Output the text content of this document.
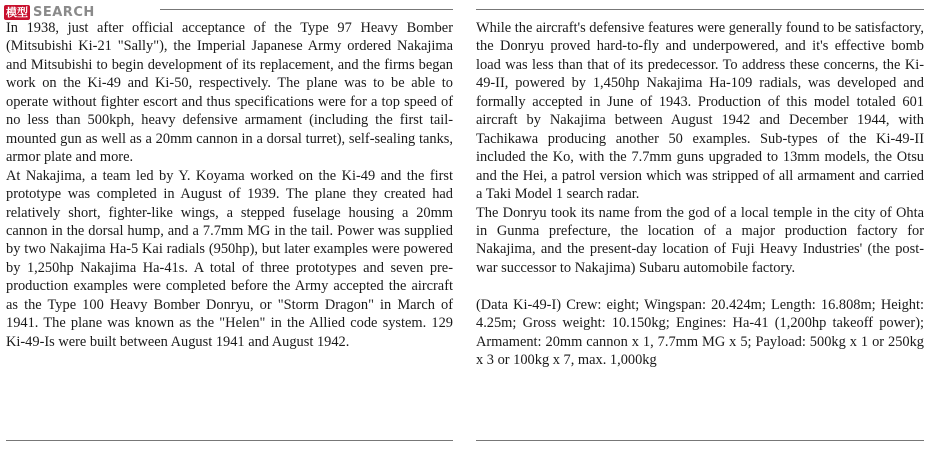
模型 SEARCH

In 1938, just after official acceptance of the Type 97 Heavy Bomber (Mitsubishi Ki-21 "Sally"), the Imperial Japanese Army ordered Nakajima and Mitsubishi to begin development of its replacement, and the firms began work on the Ki-49 and Ki-50, respectively. The plane was to be able to operate without fighter escort and thus specifications were for a top speed of no less than 500kph, heavy defensive armament (including the first tail-mounted gun as well as a 20mm cannon in a dorsal turret), self-sealing tanks, armor plate and more.

At Nakajima, a team led by Y. Koyama worked on the Ki-49 and the first prototype was completed in August of 1939. The plane they created had relatively short, fighter-like wings, a stepped fuselage housing a 20mm cannon in the dorsal hump, and a 7.7mm MG in the tail. Power was supplied by two Nakajima Ha-5 Kai radials (950hp), but later examples were powered by 1,250hp Nakajima Ha-41s. A total of three prototypes and seven pre-production examples were completed before the Army accepted the aircraft as the Type 100 Heavy Bomber Donryu, or "Storm Dragon" in March of 1941. The plane was known as the "Helen" in the Allied code system. 129 Ki-49-Is were built between August 1941 and August 1942.

While the aircraft's defensive features were generally found to be satisfactory, the Donryu proved hard-to-fly and underpowered, and it's effective bomb load was less than that of its predecessor. To address these concerns, the Ki-49-II, powered by 1,450hp Nakajima Ha-109 radials, was developed and formally accepted in June of 1943. Production of this model totaled 601 aircraft by Nakajima between August 1942 and December 1944, with Tachikawa producing another 50 examples. Sub-types of the Ki-49-II included the Ko, with the 7.7mm guns upgraded to 13mm models, the Otsu and the Hei, a patrol version which was stripped of all armament and carried a Taki Model 1 search radar.

The Donryu took its name from the god of a local temple in the city of Ohta in Gunma prefecture, the location of a major production factory for Nakajima, and the present-day location of Fuji Heavy Industries' (the post-war successor to Nakajima) Subaru automobile factory.

(Data Ki-49-I) Crew: eight; Wingspan: 20.424m; Length: 16.808m; Height: 4.25m; Gross weight: 10.150kg; Engines: Ha-41 (1,200hp takeoff power); Armament: 20mm cannon x 1, 7.7mm MG x 5; Payload: 500kg x 1 or 250kg x 3 or 100kg x 7, max. 1,000kg
